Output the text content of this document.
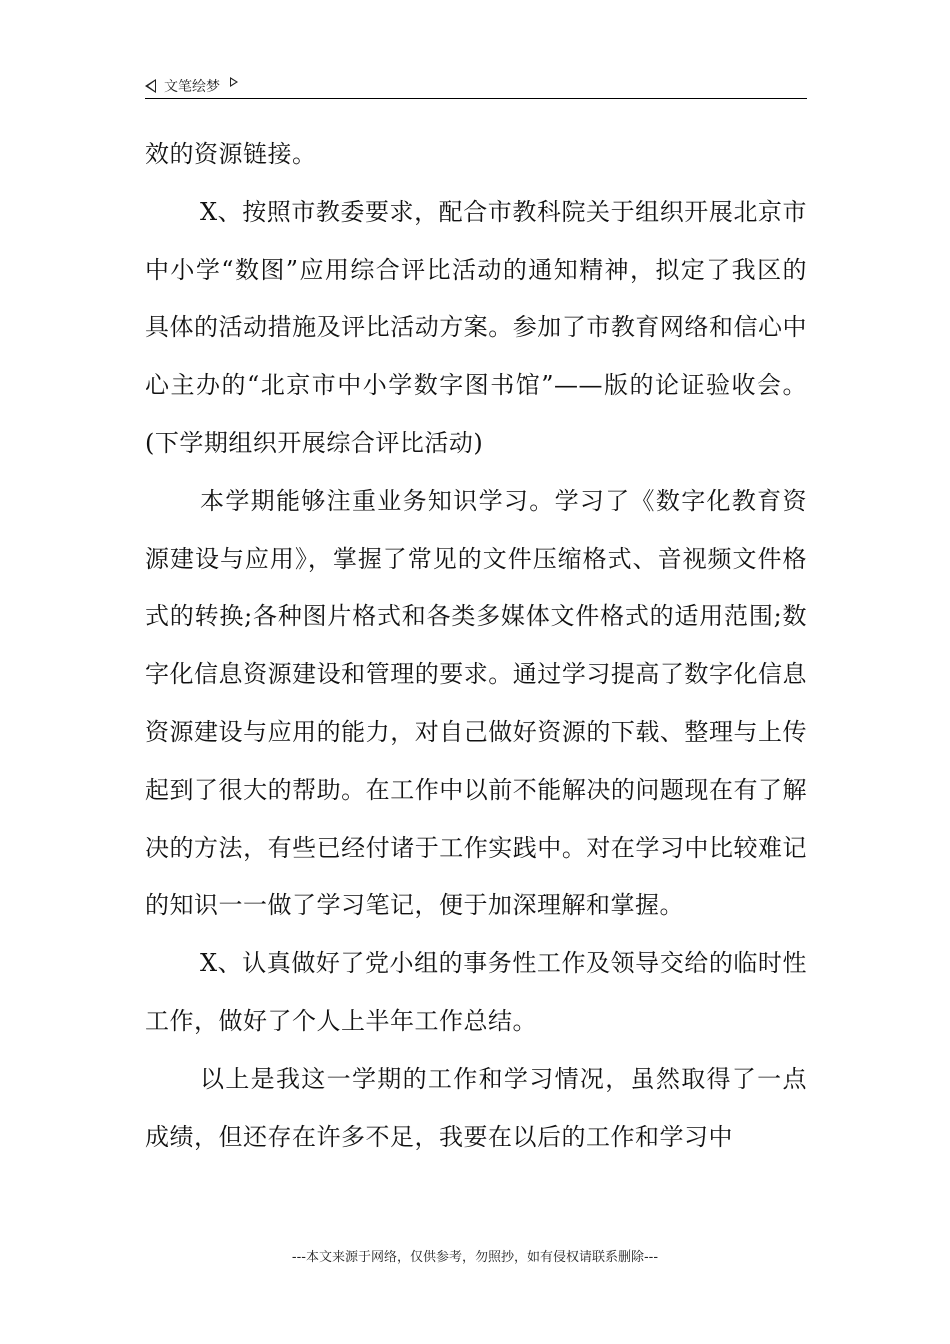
文笔绘梦

效的资源链接。

X、按照市教委要求，配合市教科院关于组织开展北京市中小学“数图”应用综合评比活动的通知精神，拟定了我区的具体的活动措施及评比活动方案。参加了市教育网络和信心中心主办的“北京市中小学数字图书馆”——版的论证验收会。(下学期组织开展综合评比活动)

本学期能够注重业务知识学习。学习了《数字化教育资源建设与应用》，掌握了常见的文件压缩格式、音视频文件格式的转换;各种图片格式和各类多媒体文件格式的适用范围;数字化信息资源建设和管理的要求。通过学习提高了数字化信息资源建设与应用的能力，对自己做好资源的下载、整理与上传起到了很大的帮助。在工作中以前不能解决的问题现在有了解决的方法，有些已经付诸于工作实践中。对在学习中比较难记的知识一一做了学习笔记，便于加深理解和掌握。

X、认真做好了党小组的事务性工作及领导交给的临时性工作，做好了个人上半年工作总结。

以上是我这一学期的工作和学习情况，虽然取得了一点成绩，但还存在许多不足，我要在以后的工作和学习中

---本文来源于网络，仅供参考，勿照抄，如有侵权请联系删除---
